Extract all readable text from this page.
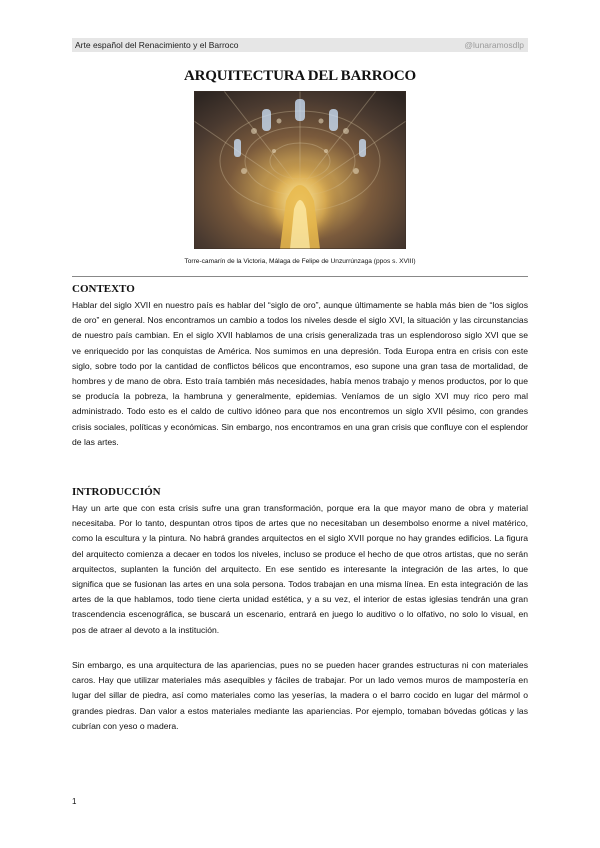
Arte español del Renacimiento y el Barroco	@lunaramosdlp
ARQUITECTURA DEL BARROCO
Torre-camarín de la Victoria, Málaga de Felipe de Unzurrúnzaga (ppos s. XVIII)
CONTEXTO

Hablar del siglo XVII en nuestro país es hablar del “siglo de oro”, aunque últimamente se habla más bien de “los siglos de oro” en general. Nos encontramos un cambio a todos los niveles desde el siglo XVI, la situación y las circunstancias de nuestro país cambian. En el siglo XVII hablamos de una crisis generalizada tras un esplendoroso siglo XVI que se ve enriquecido por las conquistas de América. Nos sumimos en una depresión. Toda Europa entra en crisis con este siglo, sobre todo por la cantidad de conflictos bélicos que encontramos, eso supone una gran tasa de mortalidad, de hombres y de mano de obra. Esto traía también más necesidades, había menos trabajo y menos productos, por lo que se producía la pobreza, la hambruna y generalmente, epidemias. Veníamos de un siglo XVI muy rico pero mal administrado. Todo esto es el caldo de cultivo idóneo para que nos encontremos un siglo XVII pésimo, con grandes crisis sociales, políticas y económicas. Sin embargo, nos encontramos en una gran crisis que confluye con el esplendor de las artes.

INTRODUCCIÓN

Hay un arte que con esta crisis sufre una gran transformación, porque era la que mayor mano de obra y material necesitaba. Por lo tanto, despuntan otros tipos de artes que no necesitaban un desembolso enorme a nivel matérico, como la escultura y la pintura. No habrá grandes arquitectos en el siglo XVII porque no hay grandes edificios. La figura del arquitecto comienza a decaer en todos los niveles, incluso se produce el hecho de que otros artistas, que no serán arquitectos, suplanten la función del arquitecto. En ese sentido es interesante la integración de las artes, lo que significa que se fusionan las artes en una sola persona. Todos trabajan en una misma línea. En esta integración de las artes de la que hablamos, todo tiene cierta unidad estética, y a su vez, el interior de estas iglesias tendrán una gran trascendencia escenográfica, se buscará un escenario, entrará en juego lo auditivo o lo olfativo, no solo lo visual, en pos de atraer al devoto a la institución.

Sin embargo, es una arquitectura de las apariencias, pues no se pueden hacer grandes estructuras ni con materiales caros. Hay que utilizar materiales más asequibles y fáciles de trabajar. Por un lado vemos muros de mampostería en lugar del sillar de piedra, así como materiales como las yeserías, la madera o el barro cocido en lugar del mármol o grandes piedras. Dan valor a estos materiales mediante las apariencias. Por ejemplo, tomaban bóvedas góticas y las cubrían con yeso o madera.

1
